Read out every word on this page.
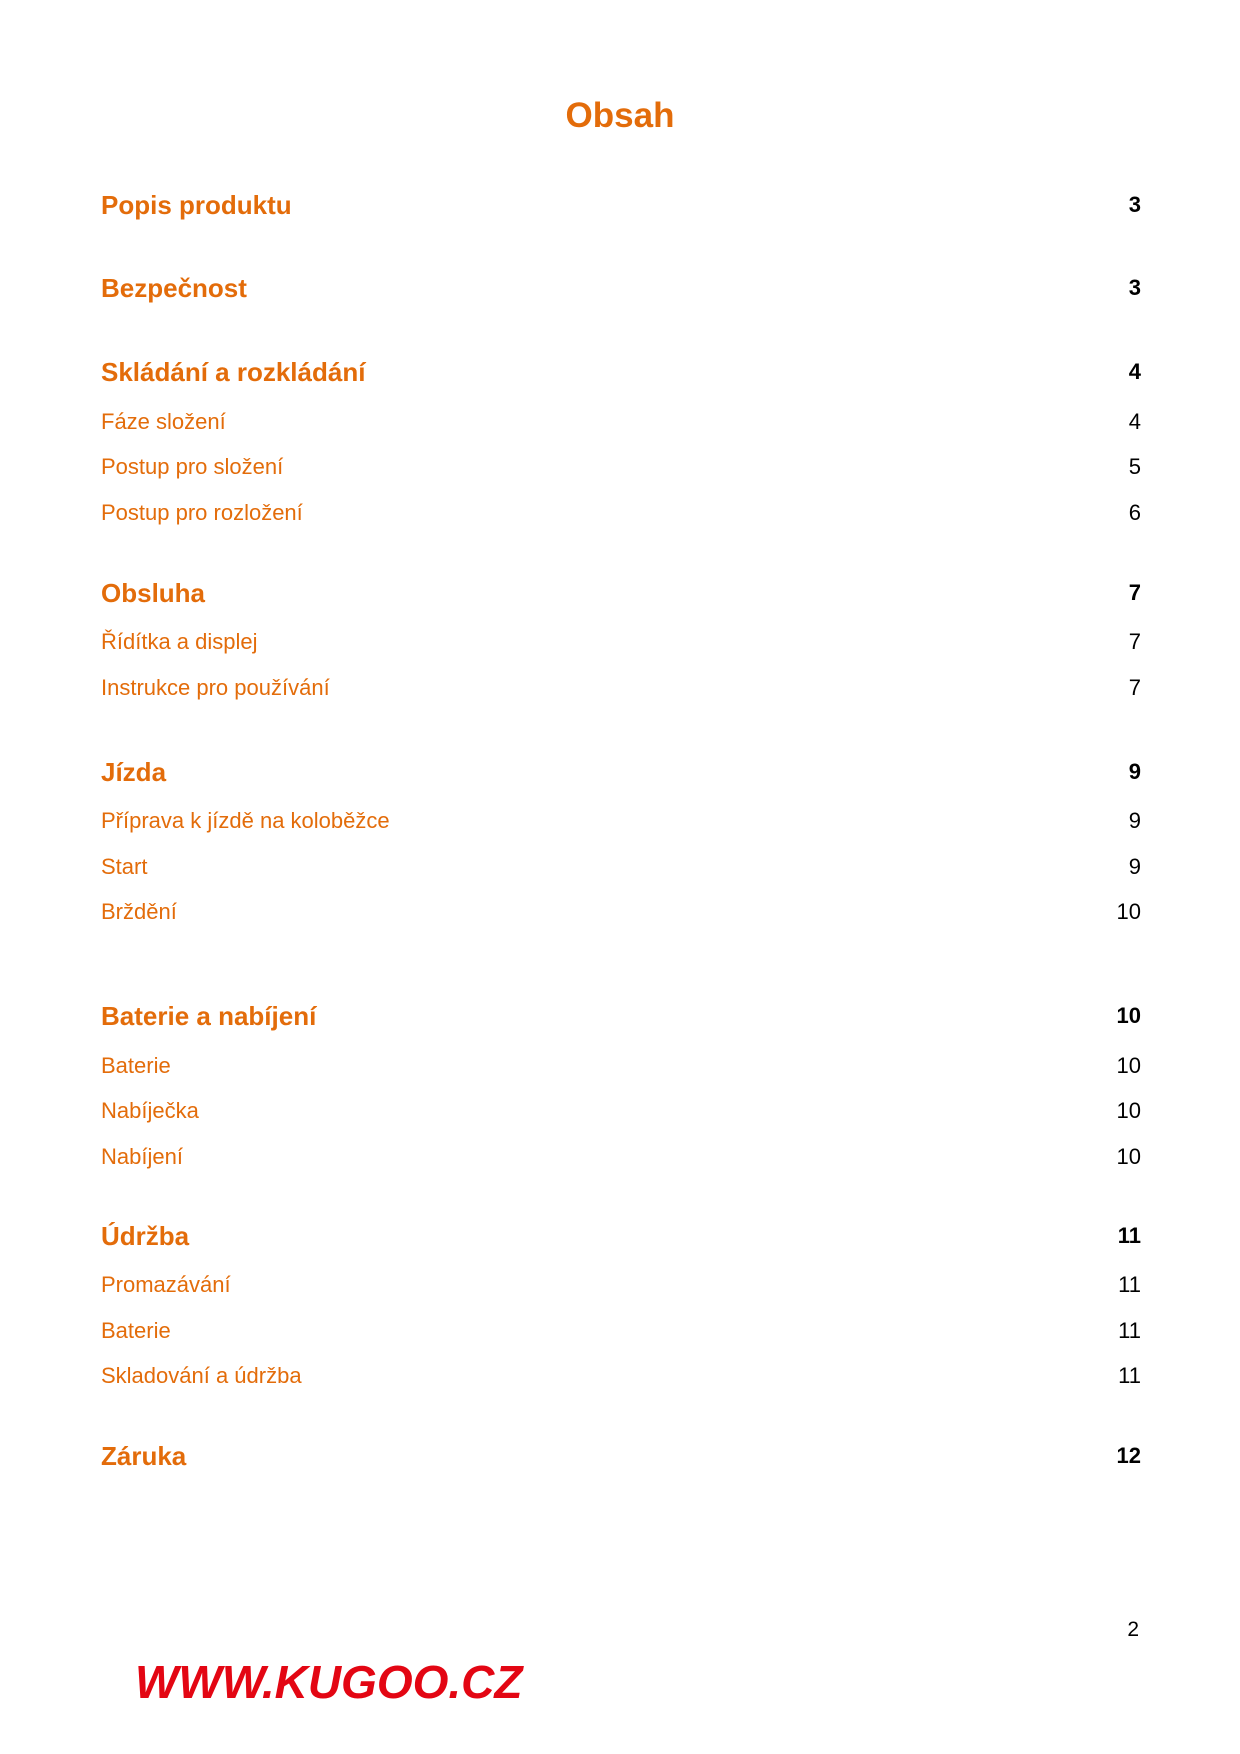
Obsah
Popis produktu	3
Bezpečnost	3
Skládání a rozkládání	4
Fáze složení	4
Postup pro složení	5
Postup pro rozložení	6
Obsluha	7
Řídítka a displej	7
Instrukce pro používání	7
Jízda	9
Příprava k jízdě na koloběžce	9
Start	9
Brždění	10
Baterie a nabíjení	10
Baterie	10
Nabíječka	10
Nabíjení	10
Údržba	11
Promazávání	11
Baterie	11
Skladování a údržba	11
Záruka	12
2
WWW.KUGOO.CZ
